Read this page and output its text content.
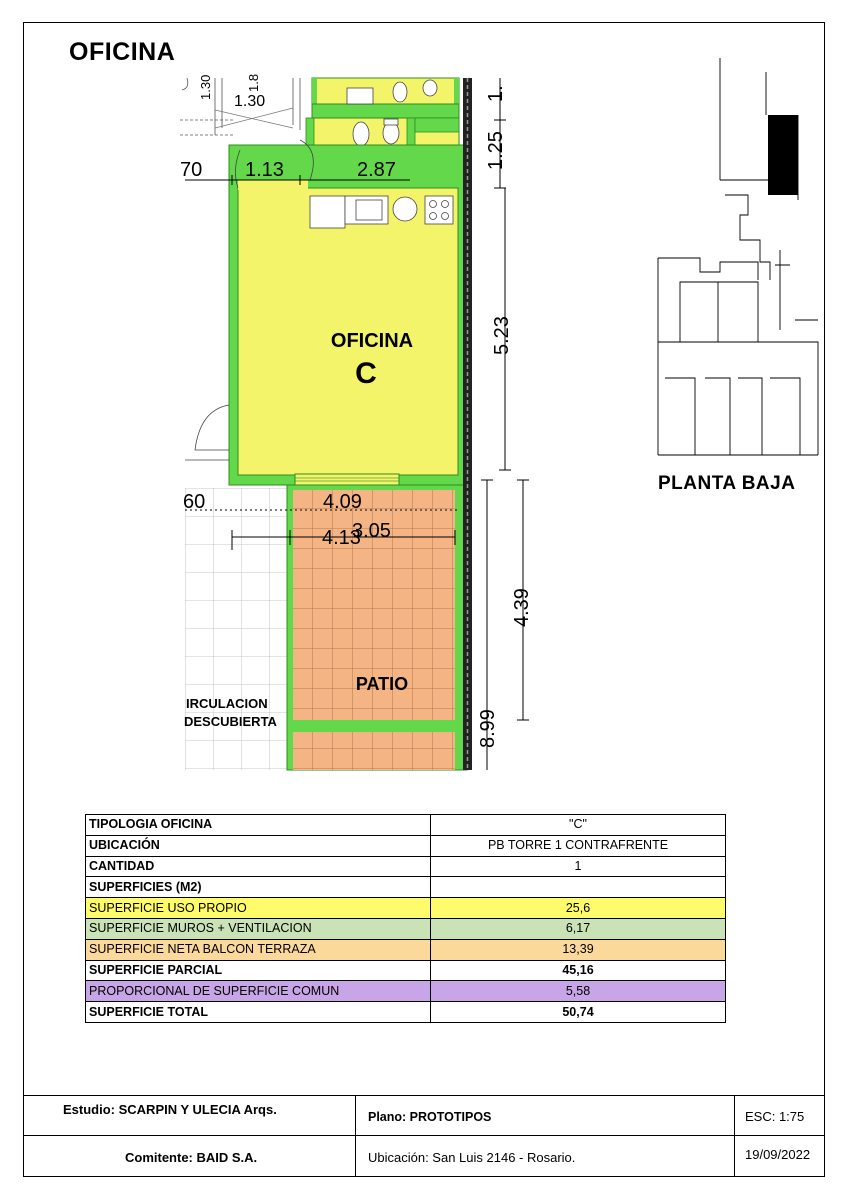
OFICINA
1.30
1.30	1.8
70 1.13	2.87	1.25
1.
5.23
60	4.09
4.13
3.05
4.39
8.99
OFICINA
C
PATIO
IRCULACION
DESCUBIERTA
PLANTA BAJA
TIPOLOGIA OFICINA	"C"
UBICACIÓN	PB TORRE 1 CONTRAFRENTE
CANTIDAD	1
SUPERFICIES (M2)	
SUPERFICIE USO PROPIO	25,6
SUPERFICIE MUROS + VENTILACION	6,17
SUPERFICIE NETA BALCON TERRAZA	13,39
SUPERFICIE PARCIAL	45,16
PROPORCIONAL DE SUPERFICIE COMUN	5,58
SUPERFICIE TOTAL	50,74
Estudio: SCARPIN Y ULECIA Arqs.	Plano: PROTOTIPOS	ESC: 1:75
Comitente: BAID S.A.	Ubicación: San Luis 2146 - Rosario.	19/09/2022
